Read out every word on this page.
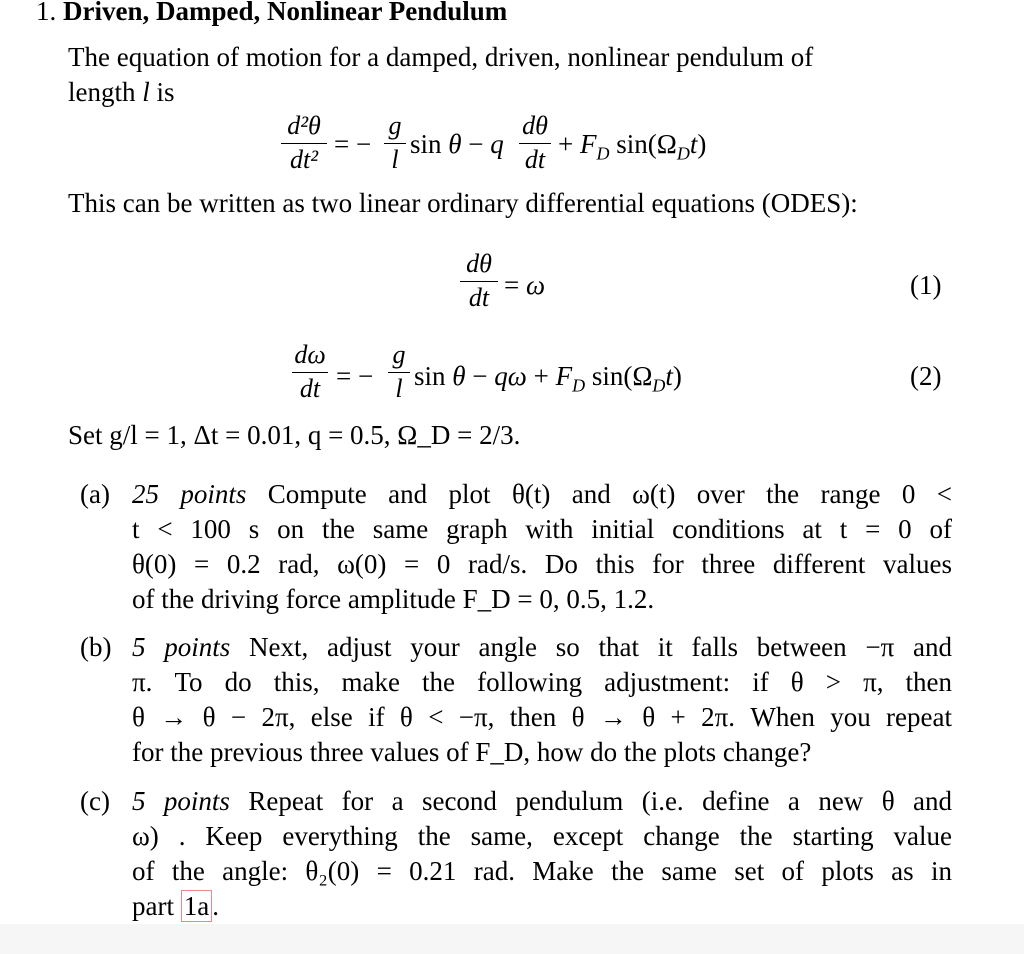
1. Driven, Damped, Nonlinear Pendulum
The equation of motion for a damped, driven, nonlinear pendulum of
length l is
d²θ
dt²
= −
g
l
sin θ − q
dθ
dt
+ $F_D$ $\sin(\Omega_Dt)$
This can be written as two linear ordinary differential equations (ODES):
dθ
dt = ω	(1)
dω
dt = −
g
l $\sin \theta - q\omega + F_D$ $\sin(\Omega_Dt)$	(2)
Set g/l = 1, Δt = 0.01, q = 0.5, Ω_D = 2/3.
(a) 25 points Compute and plot θ(t) and ω(t) over the range 0 <

t < 100 s on the same graph with initial conditions at t = 0 of

θ(0) = 0.2 rad, ω(0) = 0 rad/s. Do this for three different values

of the driving force amplitude F_D = 0, 0.5, 1.2.

(b) 5 points Next, adjust your angle so that it falls between −π and

π. To do this, make the following adjustment: if θ > π, then

θ → θ − 2π, else if θ < −π, then θ → θ + 2π. When you repeat

for the previous three values of F_D, how do the plots change?

(c) 5 points Repeat for a second pendulum (i.e. define a new θ and

ω) . Keep everything the same, except change the starting value

of the angle: θ₂(0) = 0.21 rad. Make the same set of plots as in

part 1a .
